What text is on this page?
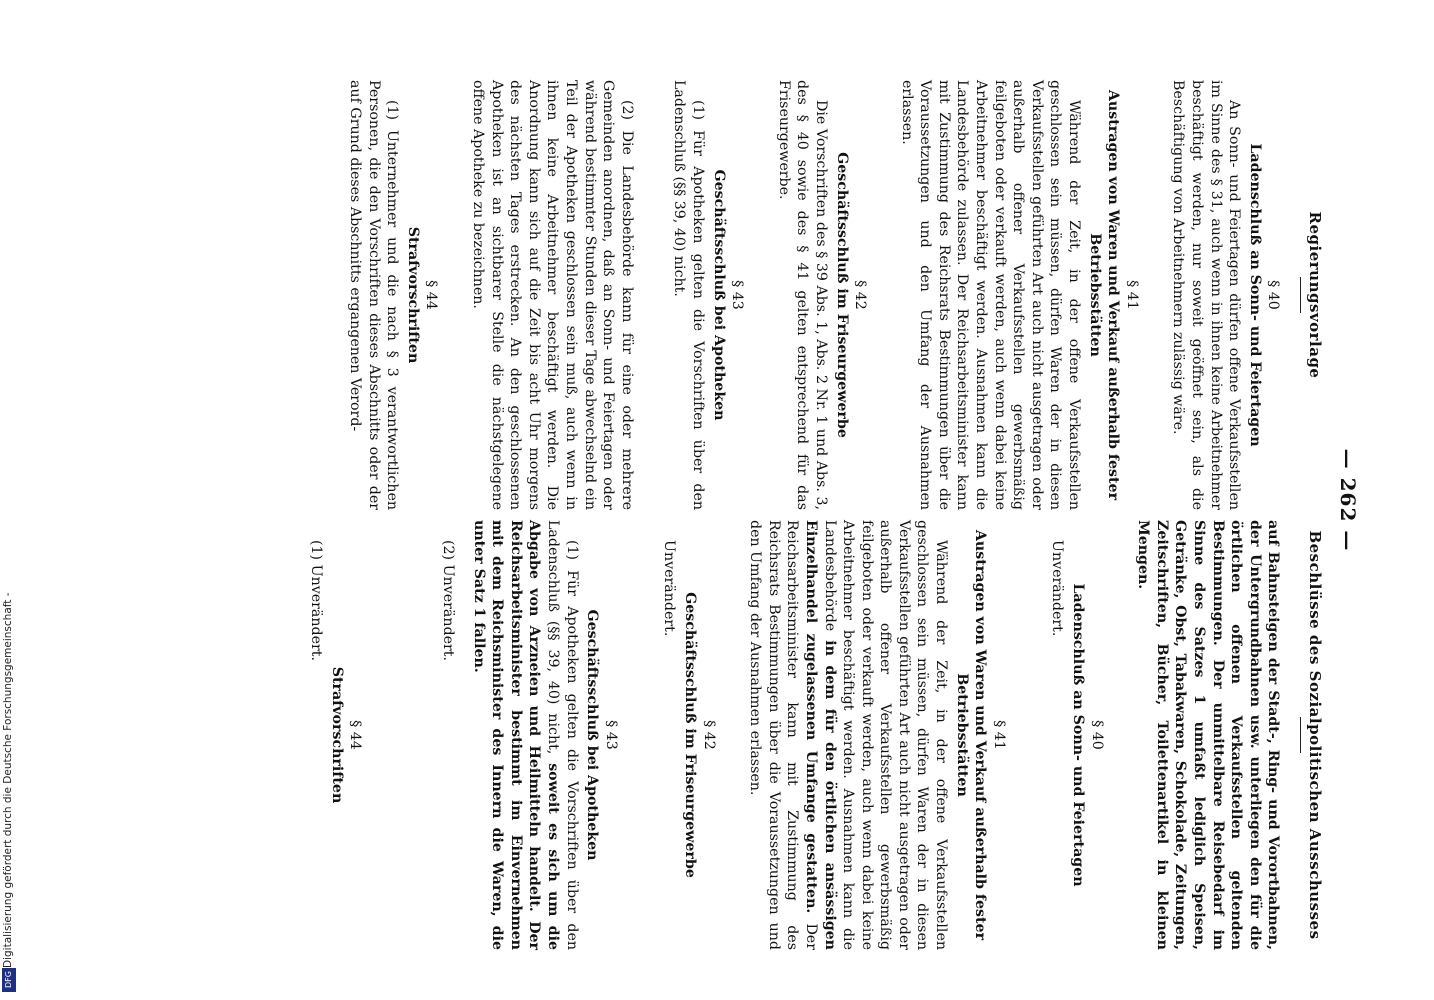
— 262 —
Regierungsvorlage
§ 40
Ladenschluß an Sonn- und Feiertagen

An Sonn- und Feiertagen dürfen offene Verkaufsstellen im Sinne des § 31, auch wenn in ihnen keine Arbeitnehmer beschäftigt werden, nur soweit geöffnet sein, als die Beschäftigung von Arbeitnehmern zulässig wäre.

§ 41
Austragen von Waren und Verkauf außerhalb fester Betriebsstätten

Während der Zeit, in der offene Verkaufsstellen geschlossen sein müssen, dürfen Waren der in diesen Verkaufsstellen geführten Art auch nicht ausgetragen oder außerhalb offener Verkaufsstellen gewerbsmäßig feilgeboten oder verkauft werden, auch wenn dabei keine Arbeitnehmer beschäftigt werden. Ausnahmen kann die Landesbehörde zulassen. Der Reichsarbeitsminister kann mit Zustimmung des Reichsrats Bestimmungen über die Voraussetzungen und den Umfang der Ausnahmen erlassen.

§ 42
Geschäftsschluß im Friseurgewerbe

Die Vorschriften des § 39 Abs. 1, Abs. 2 Nr. 1 und Abs. 3, des § 40 sowie des § 41 gelten entsprechend für das Friseurgewerbe.

§ 43
Geschäftsschluß bei Apotheken

(1) Für Apotheken gelten die Vorschriften über den Ladenschluß (§§ 39, 40) nicht.

(2) Die Landesbehörde kann für eine oder mehrere Gemeinden anordnen, daß an Sonn- und Feiertagen oder während bestimmter Stunden dieser Tage abwechselnd ein Teil der Apotheken geschlossen sein muß, auch wenn in ihnen keine Arbeitnehmer beschäftigt werden. Die Anordnung kann sich auf die Zeit bis acht Uhr morgens des nächsten Tages erstrecken. An den geschlossenen Apotheken ist an sichtbarer Stelle die nächstgelegene offene Apotheke zu bezeichnen.

§ 44
Strafvorschriften

(1) Unternehmer und die nach § 3 verantwortlichen Personen, die den Vorschriften dieses Abschnitts oder der auf Grund dieses Abschnitts ergangenen Verord-

Beschlüsse des Sozialpolitischen Ausschusses

auf Bahnsteigen der Stadt-, Ring- und Vorortbahnen, der Untergrundbahnen usw. unterliegen den für die örtlichen offenen Verkaufsstellen geltenden Bestimmungen. Der unmittelbare Reisebedarf im Sinne des Satzes 1 umfaßt lediglich Speisen, Getränke, Obst, Tabakwaren, Schokolade, Zeitungen, Zeitschriften, Bücher, Toilettenartikel in kleinen Mengen.

§ 40
Ladenschluß an Sonn- und Feiertagen

Unverändert.

§ 41
Austragen von Waren und Verkauf außerhalb fester Betriebsstätten

Während der Zeit, in der offene Verkaufsstellen geschlossen sein müssen, dürfen Waren der in diesen Verkaufsstellen geführten Art auch nicht ausgetragen oder außerhalb offener Verkaufsstellen gewerbsmäßig feilgeboten oder verkauft werden, auch wenn dabei keine Arbeitnehmer beschäftigt werden. Ausnahmen kann die Landesbehörde in dem für den örtlichen ansässigen Einzelhandel zugelassenen Umfange gestatten. Der Reichsarbeitsminister kann mit Zustimmung des Reichsrats Bestimmungen über die Voraussetzungen und den Umfang der Ausnahmen erlassen.

§ 42
Geschäftsschluß im Friseurgewerbe

Unverändert.

§ 43
Geschäftsschluß bei Apotheken

(1) Für Apotheken gelten die Vorschriften über den Ladenschluß (§§ 39, 40) nicht, soweit es sich um die Abgabe von Arzneien und Heilmitteln handelt. Der Reichsarbeitsminister bestimmt im Einvernehmen mit dem Reichsminister des Innern die Waren, die unter Satz 1 fallen.

(2) Unverändert.

§ 44
Strafvorschriften

(1) Unverändert.

Digitalisierung gefördert durch die Deutsche Forschungsgemeinschaft -
DFG
